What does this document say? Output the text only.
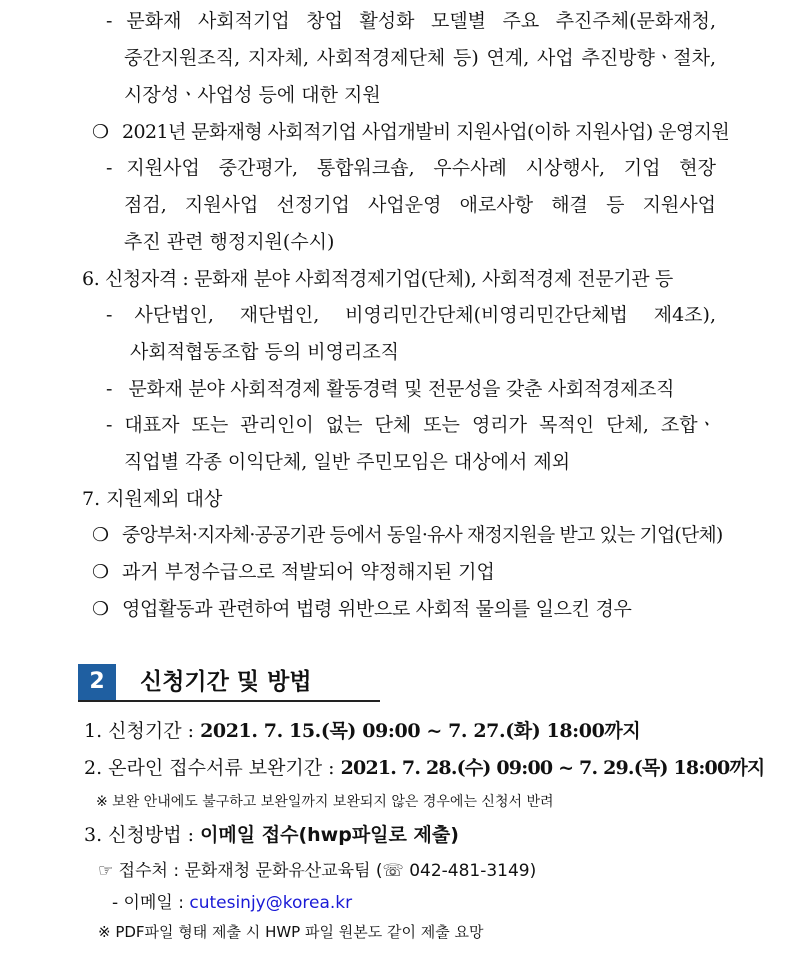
- 문화재 사회적기업 창업 활성화 모델별 주요 추진주체(문화재청,
중간지원조직, 지자체, 사회적경제단체 등) 연계, 사업 추진방향ㆍ절차,
시장성ㆍ사업성 등에 대한 지원
❍ 2021년 문화재형 사회적기업 사업개발비 지원사업(이하 지원사업) 운영지원
- 지원사업 중간평가, 통합워크숍, 우수사례 시상행사, 기업 현장
점검, 지원사업 선정기업 사업운영 애로사항 해결 등 지원사업
추진 관련 행정지원(수시)
6. 신청자격 : 문화재 분야 사회적경제기업(단체), 사회적경제 전문기관 등
- 사단법인, 재단법인, 비영리민간단체(비영리민간단체법 제4조),
사회적협동조합 등의 비영리조직
- 문화재 분야 사회적경제 활동경력 및 전문성을 갖춘 사회적경제조직
- 대표자 또는 관리인이 없는 단체 또는 영리가 목적인 단체, 조합ㆍ
직업별 각종 이익단체, 일반 주민모임은 대상에서 제외
7. 지원제외 대상
❍ 중앙부처·지자체·공공기관 등에서 동일·유사 재정지원을 받고 있는 기업(단체)
❍ 과거 부정수급으로 적발되어 약정해지된 기업
❍ 영업활동과 관련하여 법령 위반으로 사회적 물의를 일으킨 경우
2	신청기간 및 방법
1. 신청기간 : 2021. 7. 15.(목) 09:00 ~ 7. 27.(화) 18:00까지
2. 온라인 접수서류 보완기간 : 2021. 7. 28.(수) 09:00 ~ 7. 29.(목) 18:00까지
※ 보완 안내에도 불구하고 보완일까지 보완되지 않은 경우에는 신청서 반려
3. 신청방법 : 이메일 접수(hwp파일로 제출)
☞ 접수처 : 문화재청 문화유산교육팀 (☏ 042-481-3149)
- 이메일 : cutesinjy@korea.kr
※ PDF파일 형태 제출 시 HWP 파일 원본도 같이 제출 요망
